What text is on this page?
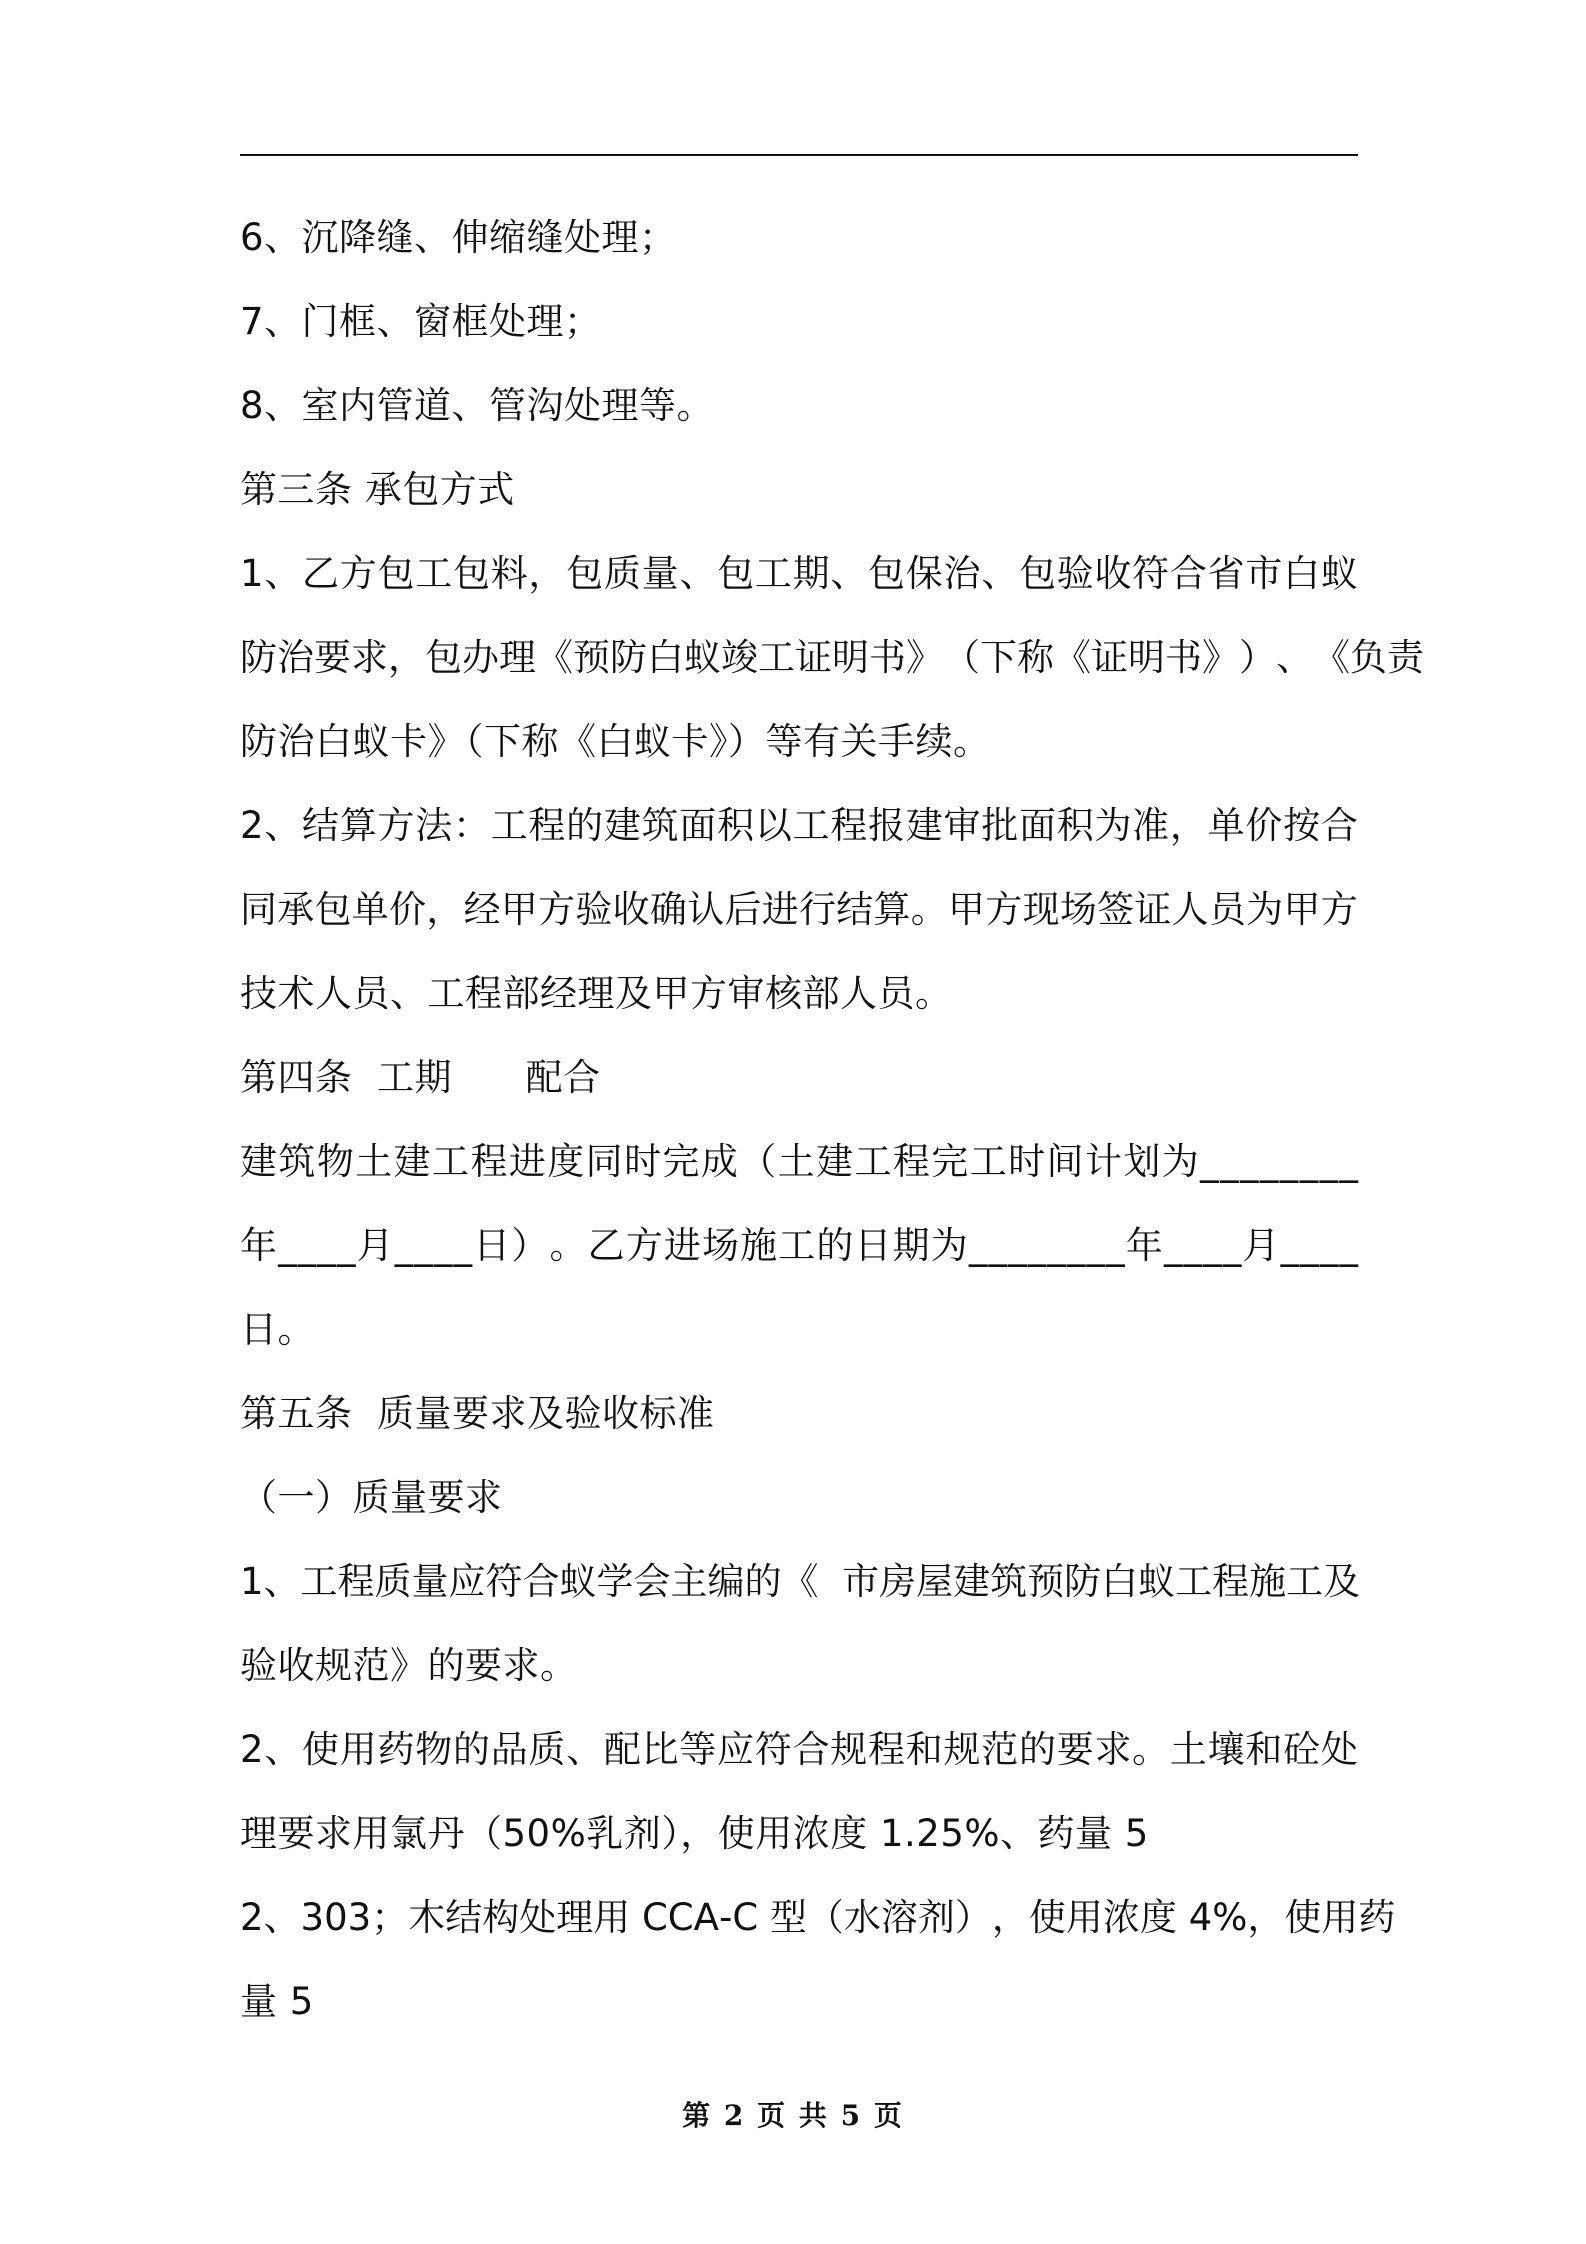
6、沉降缝、伸缩缝处理；

7、门框、窗框处理；

8、室内管道、管沟处理等。

第三条 承包方式

1 、 乙 方 包 工 包 料 ， 包 质 量 、 包 工 期 、 包 保 治 、 包 验 收 符 合 省 市 白 蚁

防 治 要 求 ， 包 办 理 《 预 防 白 蚁 竣 工 证 明 书 》 （ 下 称 《 证 明 书 》 ） 、 《 负 责

防治白蚁卡》（下称《白蚁卡》）等有关手续。

2 、 结 算 方 法 ： 工 程 的 建 筑 面 积 以 工 程 报 建 审 批 面 积 为 准 ， 单 价 按 合

同 承 包 单 价 ， 经 甲 方 验 收 确 认 后 进 行 结 算 。 甲 方 现 场 签 证 人 员 为 甲 方

技术人员、工程部经理及甲方审核部人员。

第四条  工期      配合

建 筑 物 土 建 工 程 进 度 同 时 完 成 （ 土 建 工 程 完 工 时 间 计 划 为 _ _ _ _ _ _ _ _

年 _ _ _ _ 月 _ _ _ _ 日 ） 。 乙 方 进 场 施 工 的 日 期 为 _ _ _ _ _ _ _ _ 年 _ _ _ _ 月 _ _ _ _

日。

第五条  质量要求及验收标准

（一）质量要求

1 、 工 程 质 量 应 符 合 蚁 学 会 主 编 的 《

市 房 屋 建 筑 预 防 白 蚁 工 程 施 工 及

验收规范》的要求。

2 、 使 用 药 物 的 品 质 、 配 比 等 应 符 合 规 程 和 规 范 的 要 求 。 土 壤 和 砼 处

理要求用氯丹（50%乳剂），使用浓度 1.25%、药量 5

2 、 3 0 3 ； 木 结 构 处 理 用
C C A - C
型 （ 水 溶 剂 ） ， 使 用 浓 度
4 % ， 使 用 药

量 5

第 2 页 共 5 页
